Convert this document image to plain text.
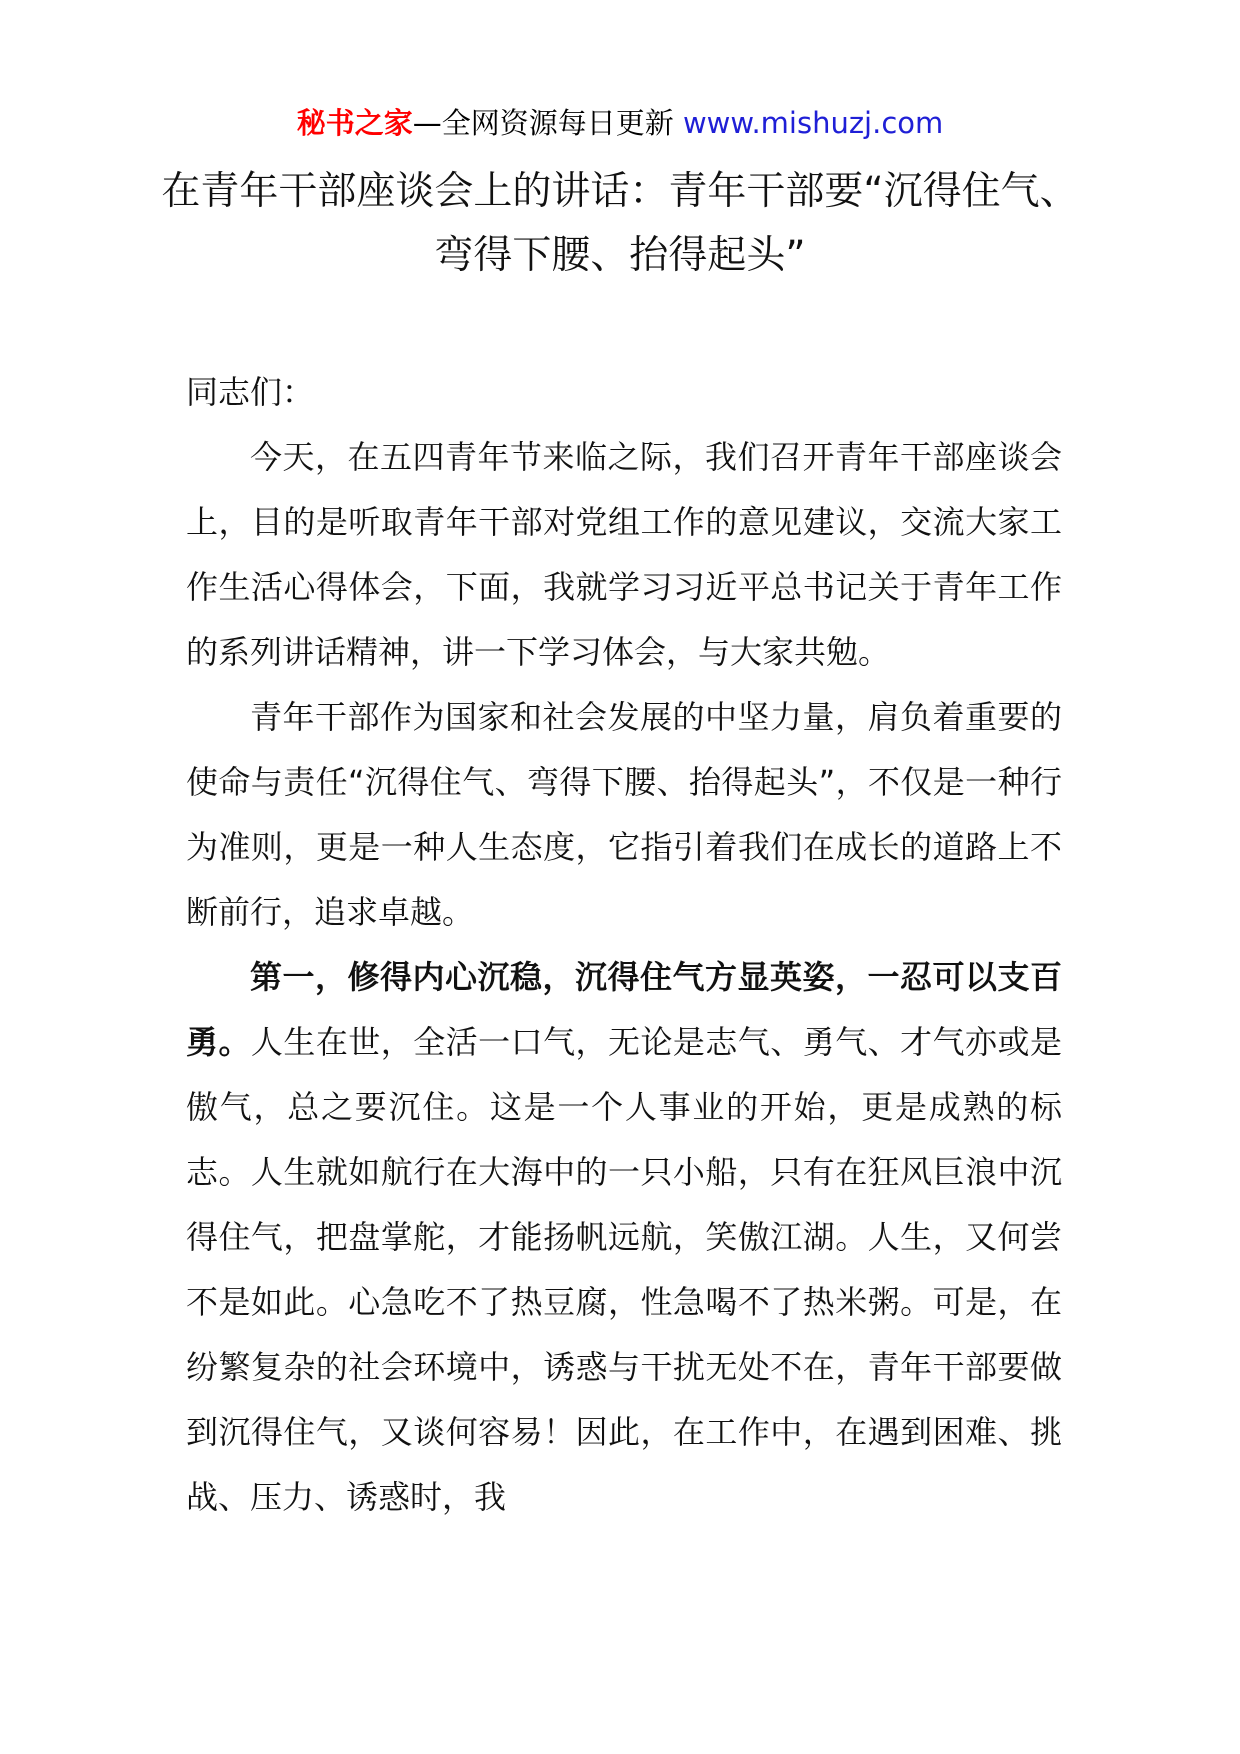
秘书之家—全网资源每日更新 www.mishuzj.com
在青年干部座谈会上的讲话：青年干部要“沉得住气、弯得下腰、抬得起头”

同志们：

今天，在五四青年节来临之际，我们召开青年干部座谈会上，目的是听取青年干部对党组工作的意见建议，交流大家工作生活心得体会，下面，我就学习习近平总书记关于青年工作的系列讲话精神，讲一下学习体会，与大家共勉。

青年干部作为国家和社会发展的中坚力量，肩负着重要的使命与责任“沉得住气、弯得下腰、抬得起头”，不仅是一种行为准则，更是一种人生态度，它指引着我们在成长的道路上不断前行，追求卓越。

第一，修得内心沉稳，沉得住气方显英姿，一忍可以支百勇。人生在世，全活一口气，无论是志气、勇气、才气亦或是傲气，总之要沉住。这是一个人事业的开始，更是成熟的标志。人生就如航行在大海中的一只小船，只有在狂风巨浪中沉得住气，把盘掌舵，才能扬帆远航，笑傲江湖。人生，又何尝不是如此。心急吃不了热豆腐，性急喝不了热米粥。可是，在纷繁复杂的社会环境中，诱惑与干扰无处不在，青年干部要做到沉得住气，又谈何容易！因此，在工作中，在遇到困难、挑战、压力、诱惑时，我
